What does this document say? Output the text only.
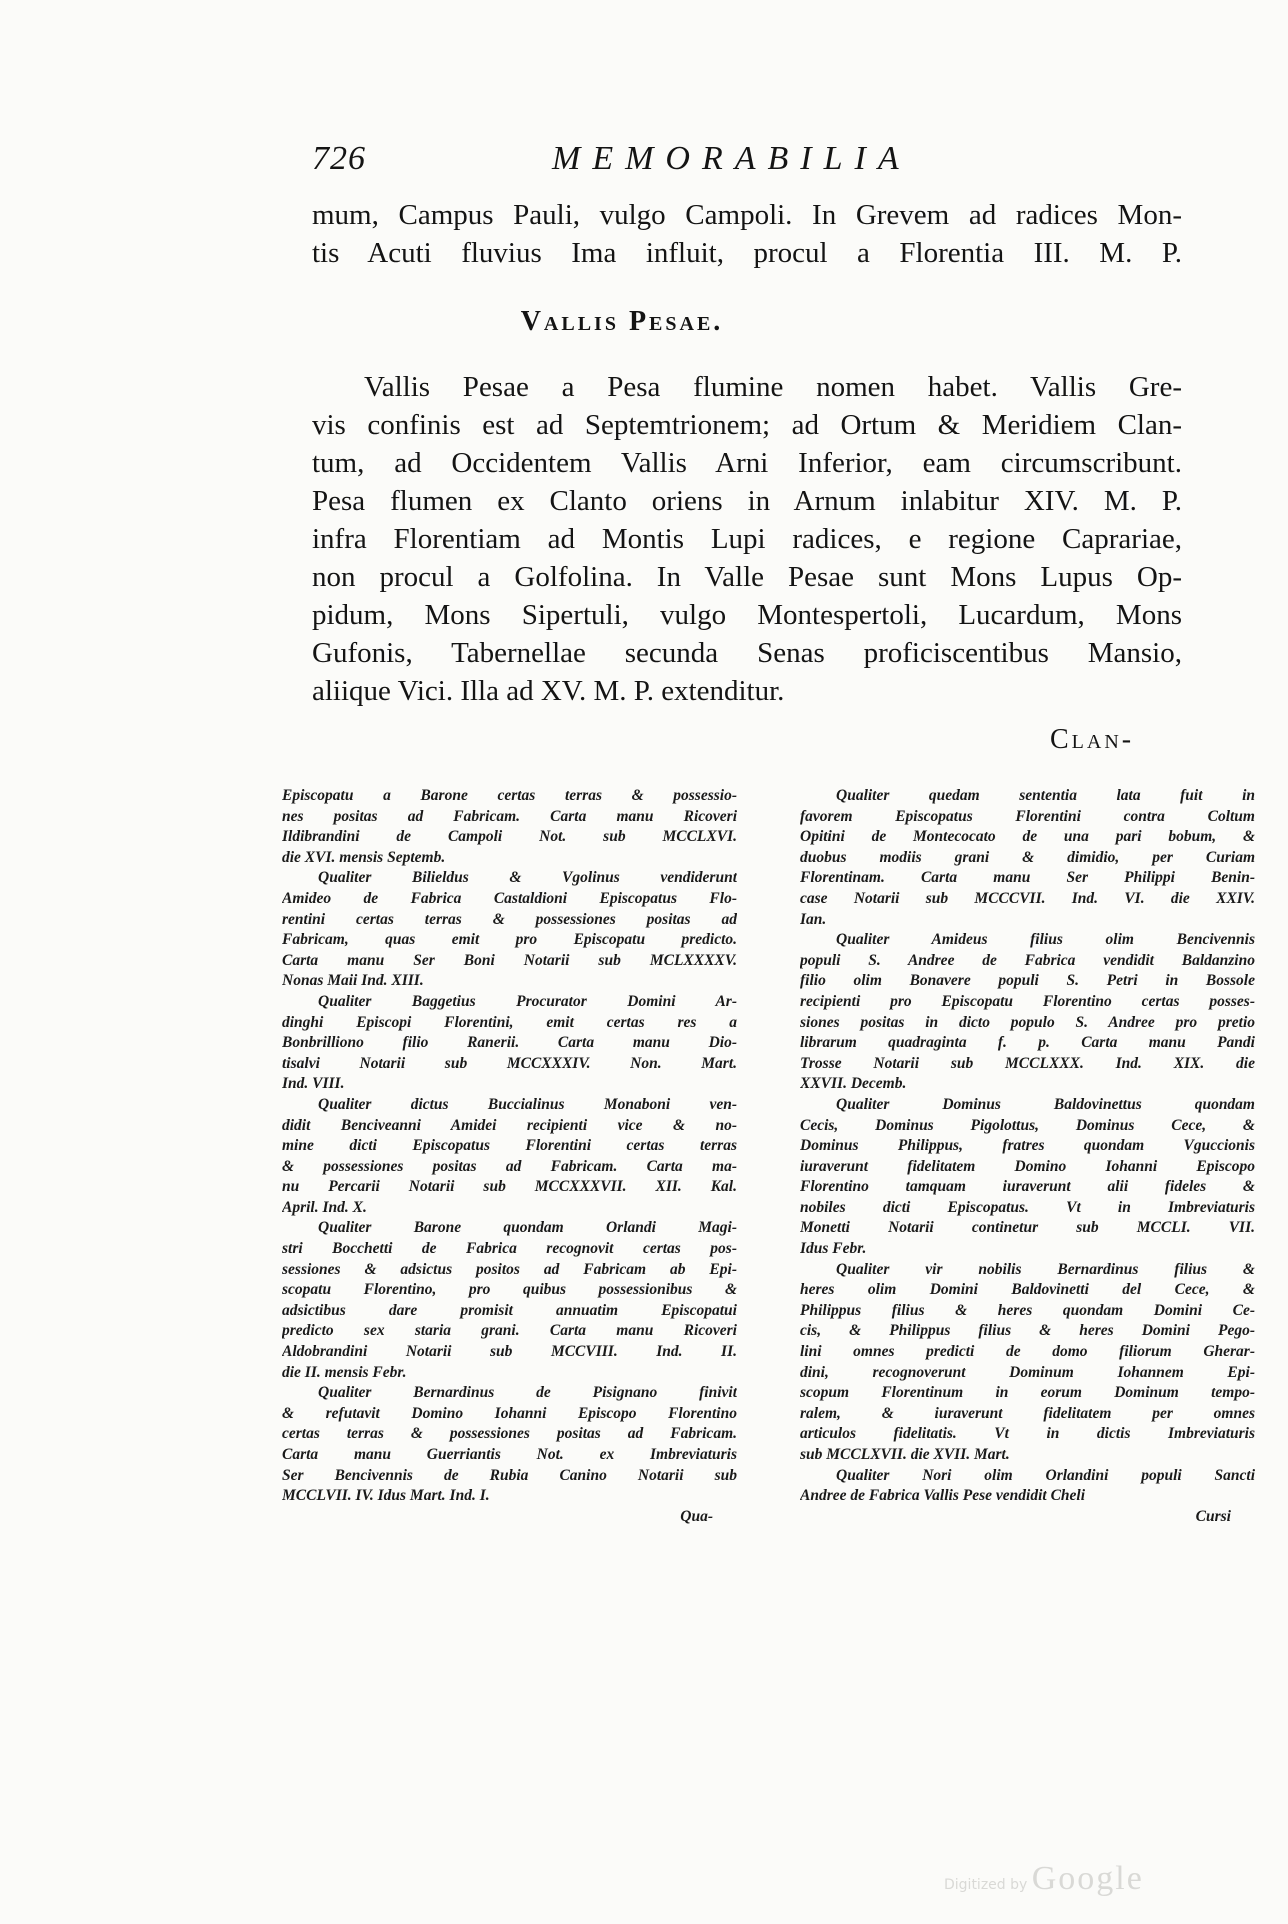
726	MEMORABILIA
mum, Campus Pauli, vulgo Campoli. In Grevem ad radices Mon-
tis Acuti fluvius Ima influit, procul a Florentia III. M. P.
Vallis Pesae.
Vallis Pesae a Pesa flumine nomen habet. Vallis Gre-
vis confinis est ad Septemtrionem; ad Ortum & Meridiem Clan-
tum, ad Occidentem Vallis Arni Inferior, eam circumscribunt.
Pesa flumen ex Clanto oriens in Arnum inlabitur XIV. M. P.
infra Florentiam ad Montis Lupi radices, e regione Caprariae,
non procul a Golfolina. In Valle Pesae sunt Mons Lupus Op-
pidum, Mons Sipertuli, vulgo Montespertoli, Lucardum, Mons
Gufonis, Tabernellae secunda Senas proficiscentibus Mansio,
aliique Vici. Illa ad XV. M. P. extenditur.
Clan-
Episcopatu a Barone certas terras & possessio-
nes positas ad Fabricam. Carta manu Ricoveri
Ildibrandini de Campoli Not. sub MCCLXVI.
die XVI. mensis Septemb.
Qualiter Bilieldus & Vgolinus vendiderunt
Amideo de Fabrica Castaldioni Episcopatus Flo-
rentini certas terras & possessiones positas ad
Fabricam, quas emit pro Episcopatu predicto.
Carta manu Ser Boni Notarii sub MCLXXXXV.
Nonas Maii Ind. XIII.
Qualiter Baggetius Procurator Domini Ar-
dinghi Episcopi Florentini, emit certas res a
Bonbrilliono filio Ranerii. Carta manu Dio-
tisalvi Notarii sub MCCXXXIV. Non. Mart.
Ind. VIII.
Qualiter dictus Buccialinus Monaboni ven-
didit Benciveanni Amidei recipienti vice & no-
mine dicti Episcopatus Florentini certas terras
& possessiones positas ad Fabricam. Carta ma-
nu Percarii Notarii sub MCCXXXVII. XII. Kal.
April. Ind. X.
Qualiter Barone quondam Orlandi Magi-
stri Bocchetti de Fabrica recognovit certas pos-
sessiones & adsictus positos ad Fabricam ab Epi-
scopatu Florentino, pro quibus possessionibus &
adsictibus dare promisit annuatim Episcopatui
predicto sex staria grani. Carta manu Ricoveri
Aldobrandini Notarii sub MCCVIII. Ind. II.
die II. mensis Febr.
Qualiter Bernardinus de Pisignano finivit
& refutavit Domino Iohanni Episcopo Florentino
certas terras & possessiones positas ad Fabricam.
Carta manu Guerriantis Not. ex Imbreviaturis
Ser Bencivennis de Rubia Canino Notarii sub
MCCLVII. IV. Idus Mart. Ind. I.
Qua-
Qualiter quedam sententia lata fuit in
favorem Episcopatus Florentini contra Coltum
Opitini de Montecocato de una pari bobum, &
duobus modiis grani & dimidio, per Curiam
Florentinam. Carta manu Ser Philippi Benin-
case Notarii sub MCCCVII. Ind. VI. die XXIV.
Ian.
Qualiter Amideus filius olim Bencivennis
populi S. Andree de Fabrica vendidit Baldanzino
filio olim Bonavere populi S. Petri in Bossole
recipienti pro Episcopatu Florentino certas posses-
siones positas in dicto populo S. Andree pro pretio
librarum quadraginta f. p. Carta manu Pandi
Trosse Notarii sub MCCLXXX. Ind. XIX. die
XXVII. Decemb.
Qualiter Dominus Baldovinettus quondam
Cecis, Dominus Pigolottus, Dominus Cece, &
Dominus Philippus, fratres quondam Vguccionis
iuraverunt fidelitatem Domino Iohanni Episcopo
Florentino tamquam iuraverunt alii fideles &
nobiles dicti Episcopatus. Vt in Imbreviaturis
Monetti Notarii continetur sub MCCLI. VII.
Idus Febr.
Qualiter vir nobilis Bernardinus filius &
heres olim Domini Baldovinetti del Cece, &
Philippus filius & heres quondam Domini Ce-
cis, & Philippus filius & heres Domini Pego-
lini omnes predicti de domo filiorum Gherar-
dini, recognoverunt Dominum Iohannem Epi-
scopum Florentinum in eorum Dominum tempo-
ralem, & iuraverunt fidelitatem per omnes
articulos fidelitatis. Vt in dictis Imbreviaturis
sub MCCLXVII. die XVII. Mart.
Qualiter Nori olim Orlandini populi Sancti
Andree de Fabrica Vallis Pese vendidit Cheli
Cursi
Digitized by Google
